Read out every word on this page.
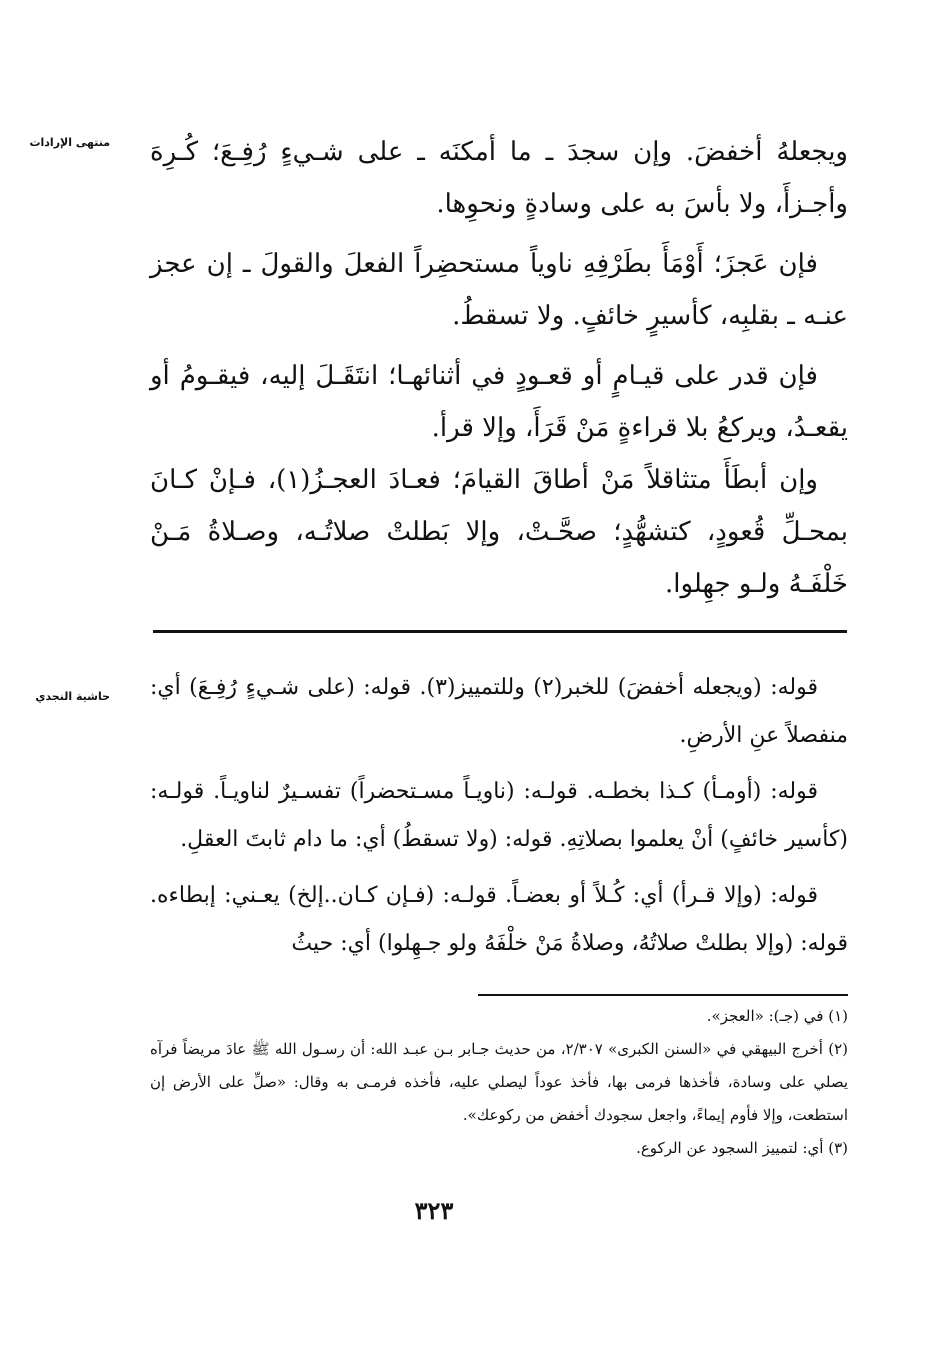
منتهى الإرادات ويجعلهُ أخفضَ. وإن سجدَ ـ ما أمكنَه ـ على شـيءٍ رُفِـعَ؛ كُـرِهَ وأجـزأَ، ولا بأسَ به على وسادةٍ ونحوِها.

فإن عَجزَ؛ أَوْمَأَ بطَرْفِهِ ناوياً مستحضِراً الفعلَ والقولَ ـ إن عجز عنـه ـ بقلبِه، كأسيرٍ خائفٍ. ولا تسقطُ.

فإن قدر على قيـامٍ أو قعـودٍ في أثنائهـا؛ انتَقَـلَ إليه، فيقـومُ أو يقعـدُ، ويركعُ بلا قراءةٍ مَنْ قَرَأَ، وإلا قرأ.

وإن أبطَأَ متثاقلاً مَنْ أطاقَ القيامَ؛ فعـادَ العجـزُ(١)، فـإنْ كـانَ بمحـلِّ قُعودٍ، كتشهُّدٍ؛ صحَّـتْ، وإلا بَطلتْ صلاتُـه، وصـلاةُ مَـنْ خَلْفَـهُ ولـو جهِلوا.

حاشية النجدي قوله: (ويجعله أخفضَ) للخبر(٢) وللتمييز(٣). قوله: (على شـيءٍ رُفِـعَ) أي: منفصلاً عنِ الأرضِ.

قوله: (أومـأ) كـذا بخطـه. قولـه: (ناويـاً مسـتحضراً) تفسـيرٌ لناويـاً. قولـه: (كأسير خائفٍ) أنْ يعلموا بصلاتِهِ. قوله: (ولا تسقطُ) أي: ما دام ثابتَ العقلِ.

قوله: (وإلا قـرأ) أي: كُـلاً أو بعضـاً. قولـه: (فـإن كـان..إلخ) يعـني: إبطاءه. قوله: (وإلا بطلتْ صلاتُهُ، وصلاةُ مَنْ خلْفَهُ ولو جـهِلوا) أي: حيثُ

(١) في (جـ): «العجز».

(٢) أخرج البيهقي في «السنن الكبرى» ٢/٣٠٧، من حديث جـابر بـن عبـد الله: أن رسـول الله ﷺ عادَ مريضاً فرآه يصلي على وسادة، فأخذها فرمى بها، فأخذ عوداً ليصلي عليه، فأخذه فرمـى به وقال: «صلِّ على الأرض إن استطعت، وإلا فأوم إيماءً، واجعل سجودك أخفض من ركوعك».

(٣) أي: لتمييز السجود عن الركوع.

٣٢٣
